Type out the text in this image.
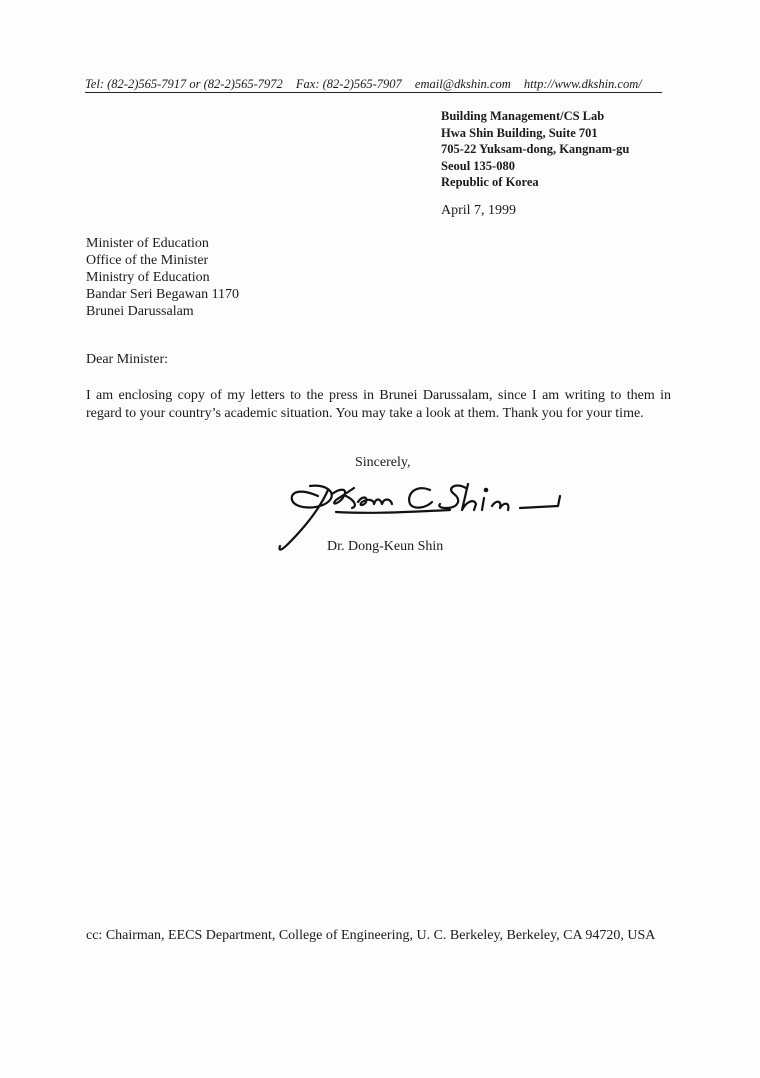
Tel: (82-2)565-7917 or (82-2)565-7972 Fax: (82-2)565-7907 email@dkshin.com http://www.dkshin.com/
Building Management/CS Lab
Hwa Shin Building, Suite 701
705-22 Yuksam-dong, Kangnam-gu
Seoul 135-080
Republic of Korea
April 7, 1999
Minister of Education
Office of the Minister
Ministry of Education
Bandar Seri Begawan 1170
Brunei Darussalam
Dear Minister:
I am enclosing copy of my letters to the press in Brunei Darussalam, since I am writing to them in regard to your country’s academic situation. You may take a look at them. Thank you for your time.
Sincerely,
Dr. Dong-Keun Shin
cc: Chairman, EECS Department, College of Engineering, U. C. Berkeley, Berkeley, CA 94720, USA
